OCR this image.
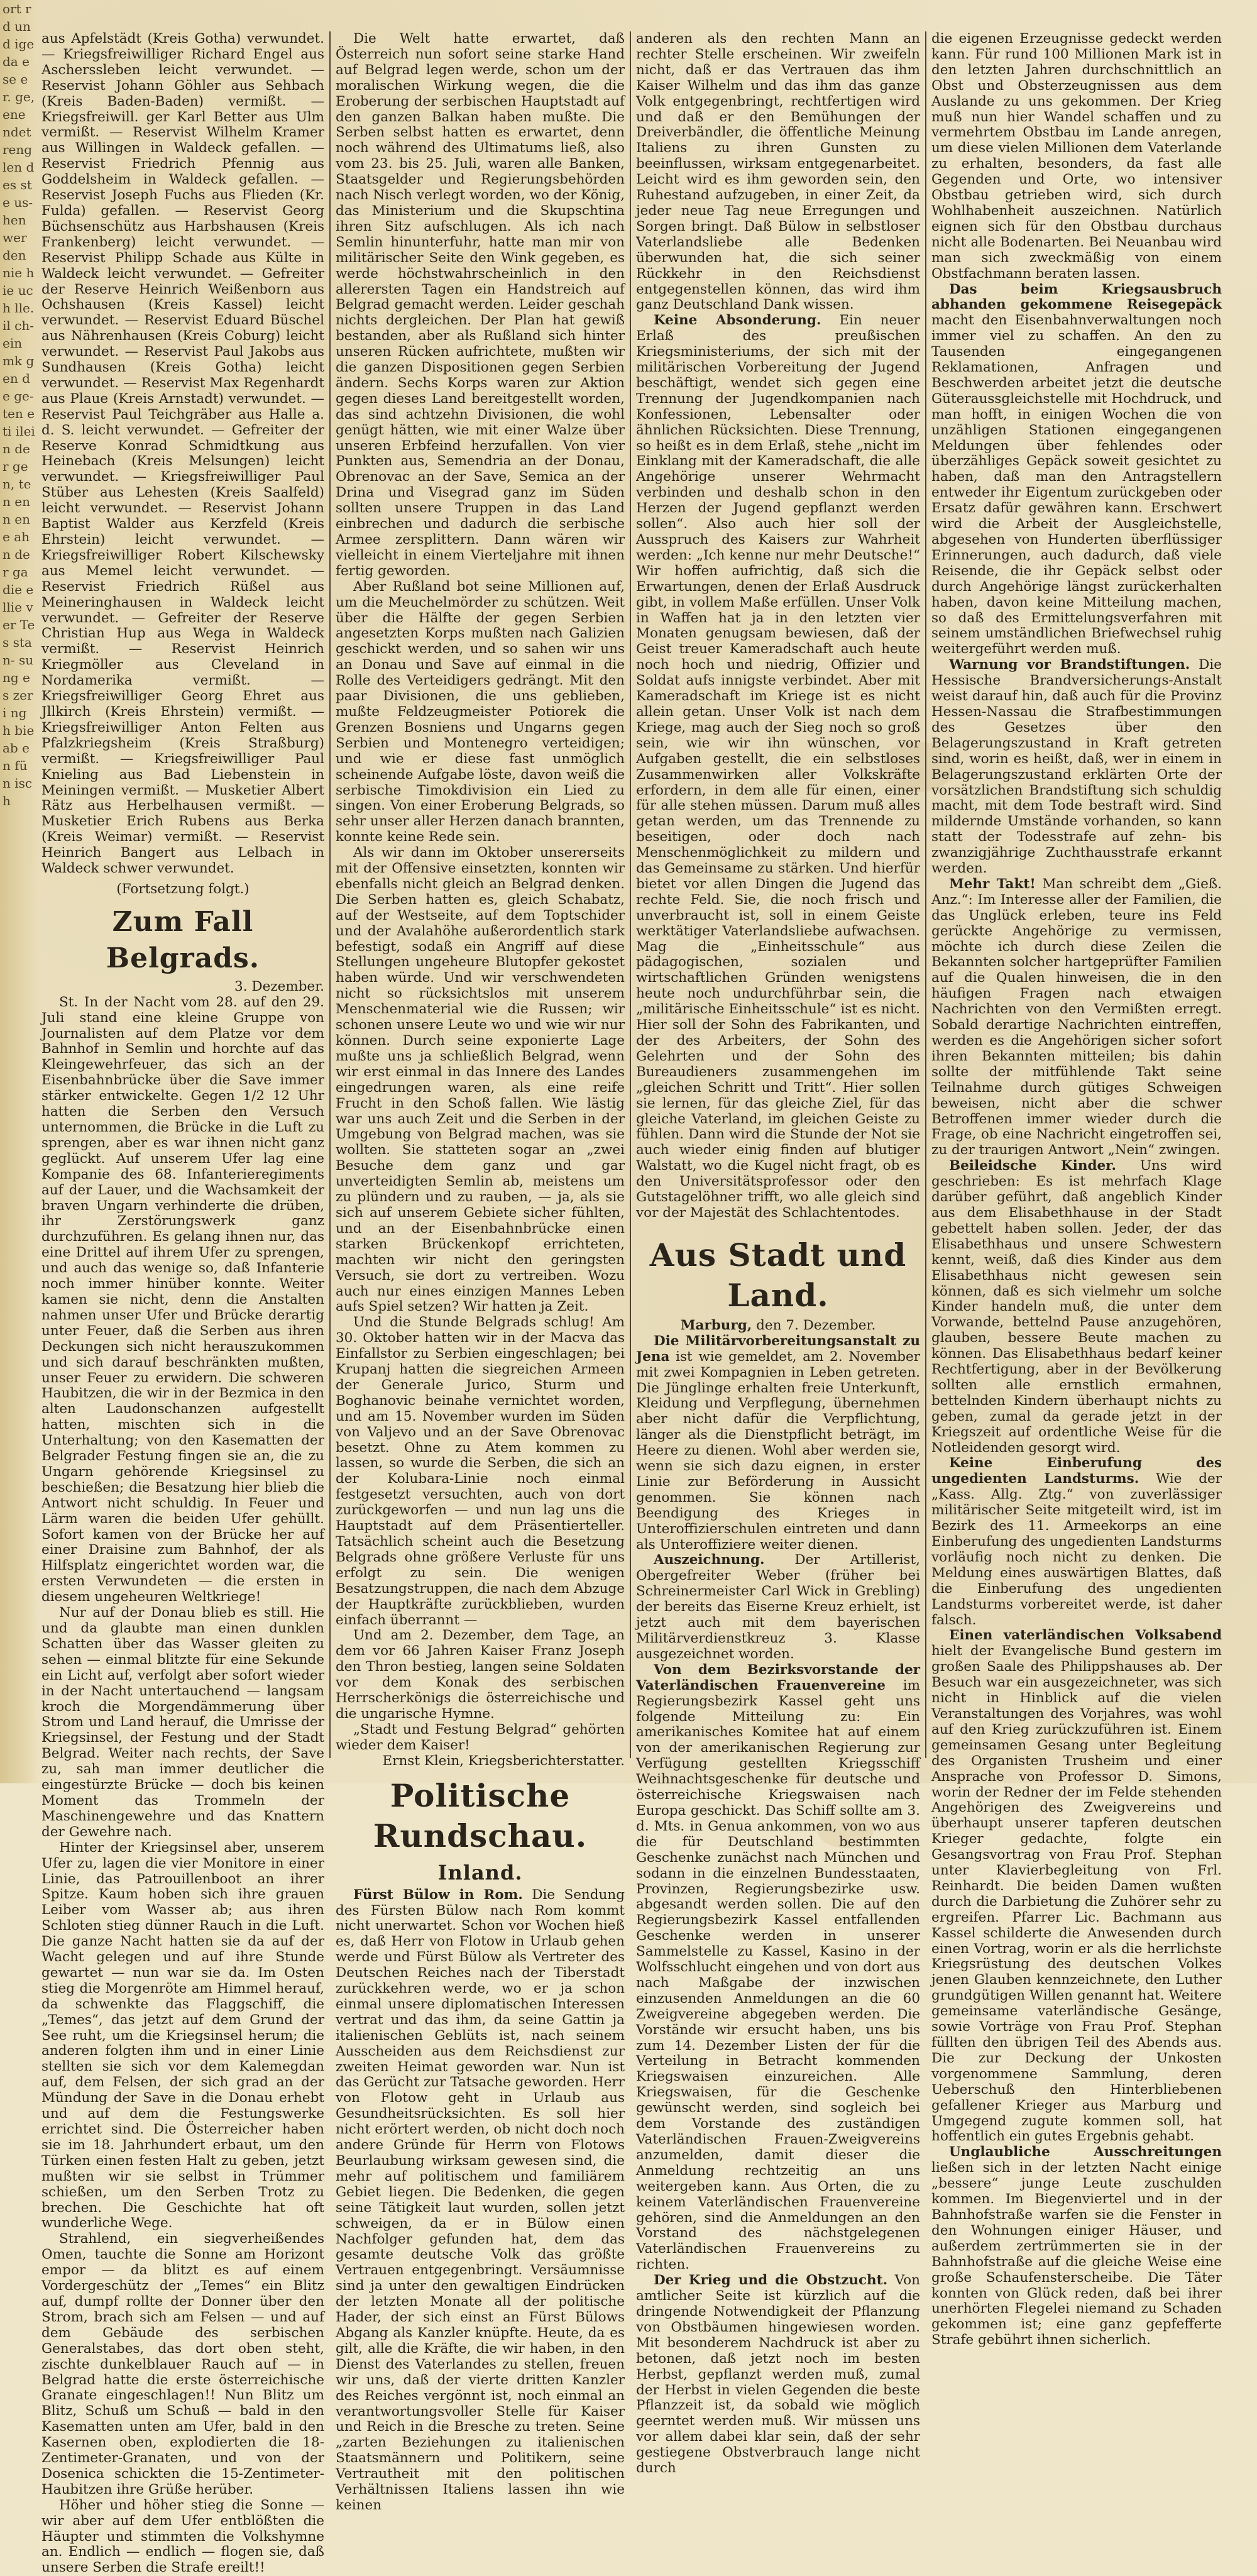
ort rd und ige da ese er. ge, ene ndet reng len des ste us- hen wer den nie hie uch lle. il ch- ein mk gen de ge- ten e ti ilein der gen, ten enn ene ahn der ga die ellie ver Tes stan- sung es zeri ng h bie ab en fün isch

aus Apfelstädt (Kreis Gotha) verwundet. — Kriegsfreiwilliger Richard Engel aus Ascherssleben leicht verwundet. — Reservist Johann Göhler aus Sehbach (Kreis Baden-Baden) vermißt. — Kriegsfreiwill. ger Karl Better aus Ulm vermißt. — Reservist Wilhelm Kramer aus Willingen in Waldeck gefallen. — Reservist Friedrich Pfennig aus Goddelsheim in Waldeck gefallen. — Reservist Joseph Fuchs aus Flieden (Kr. Fulda) gefallen. — Reservist Georg Büchsenschütz aus Harbshausen (Kreis Frankenberg) leicht verwundet. — Reservist Philipp Schade aus Külte in Waldeck leicht verwundet. — Gefreiter der Reserve Heinrich Weißenborn aus Ochshausen (Kreis Kassel) leicht verwundet. — Reservist Eduard Büschel aus Nährenhausen (Kreis Coburg) leicht verwundet. — Reservist Paul Jakobs aus Sundhausen (Kreis Gotha) leicht verwundet. — Reservist Max Regenhardt aus Plaue (Kreis Arnstadt) verwundet. — Reservist Paul Teichgräber aus Halle a. d. S. leicht verwundet. — Gefreiter der Reserve Konrad Schmidtkung aus Heinebach (Kreis Melsungen) leicht verwundet. — Kriegsfreiwilliger Paul Stüber aus Lehesten (Kreis Saalfeld) leicht verwundet. — Reservist Johann Baptist Walder aus Kerzfeld (Kreis Ehrstein) leicht verwundet. — Kriegsfreiwilliger Robert Kilschewsky aus Memel leicht verwundet. — Reservist Friedrich Rüßel aus Meineringhausen in Waldeck leicht verwundet. — Gefreiter der Reserve Christian Hup aus Wega in Waldeck vermißt. — Reservist Heinrich Kriegmöller aus Cleveland in Nordamerika vermißt. — Kriegsfreiwilliger Georg Ehret aus Jllkirch (Kreis Ehrstein) vermißt. — Kriegsfreiwilliger Anton Felten aus Pfalzkriegsheim (Kreis Straßburg) vermißt. — Kriegsfreiwilliger Paul Knieling aus Bad Liebenstein in Meiningen vermißt. — Musketier Albert Rätz aus Herbelhausen vermißt. — Musketier Erich Rubens aus Berka (Kreis Weimar) vermißt. — Reservist Heinrich Bangert aus Lelbach in Waldeck schwer verwundet.

(Fortsetzung folgt.)

Zum Fall Belgrads.

3. Dezember.

St. In der Nacht vom 28. auf den 29. Juli stand eine kleine Gruppe von Journalisten auf dem Platze vor dem Bahnhof in Semlin und horchte auf das Kleingewehrfeuer, das sich an der Eisenbahnbrücke über die Save immer stärker entwickelte. Gegen 1/2 12 Uhr hatten die Serben den Versuch unternommen, die Brücke in die Luft zu sprengen, aber es war ihnen nicht ganz geglückt. Auf unserem Ufer lag eine Kompanie des 68. Infanterieregiments auf der Lauer, und die Wachsamkeit der braven Ungarn verhinderte die drüben, ihr Zerstörungswerk ganz durchzuführen. Es gelang ihnen nur, das eine Drittel auf ihrem Ufer zu sprengen, und auch das wenige so, daß Infanterie noch immer hinüber konnte. Weiter kamen sie nicht, denn die Anstalten nahmen unser Ufer und Brücke derartig unter Feuer, daß die Serben aus ihren Deckungen sich nicht herauszukommen und sich darauf beschränkten mußten, unser Feuer zu erwidern. Die schweren Haubitzen, die wir in der Bezmica in den alten Laudonschanzen aufgestellt hatten, mischten sich in die Unterhaltung; von den Kasematten der Belgrader Festung fingen sie an, die zu Ungarn gehörende Kriegsinsel zu beschießen; die Besatzung hier blieb die Antwort nicht schuldig. In Feuer und Lärm waren die beiden Ufer gehüllt. Sofort kamen von der Brücke her auf einer Draisine zum Bahnhof, der als Hilfsplatz eingerichtet worden war, die ersten Verwundeten — die ersten in diesem ungeheuren Weltkriege!

Nur auf der Donau blieb es still. Hie und da glaubte man einen dunklen Schatten über das Wasser gleiten zu sehen — einmal blitzte für eine Sekunde ein Licht auf, verfolgt aber sofort wieder in der Nacht untertauchend — langsam kroch die Morgendämmerung über Strom und Land herauf, die Umrisse der Kriegsinsel, der Festung und der Stadt Belgrad. Weiter nach rechts, der Save zu, sah man immer deutlicher die eingestürzte Brücke — doch bis keinen Moment das Trommeln der Maschinengewehre und das Knattern der Gewehre nach.

Hinter der Kriegsinsel aber, unserem Ufer zu, lagen die vier Monitore in einer Linie, das Patrouillenboot an ihrer Spitze. Kaum hoben sich ihre grauen Leiber vom Wasser ab; aus ihren Schloten stieg dünner Rauch in die Luft. Die ganze Nacht hatten sie da auf der Wacht gelegen und auf ihre Stunde gewartet — nun war sie da. Im Osten stieg die Morgenröte am Himmel herauf, da schwenkte das Flaggschiff, die „Temes“, das jetzt auf dem Grund der See ruht, um die Kriegsinsel herum; die anderen folgten ihm und in einer Linie stellten sie sich vor dem Kalemegdan auf, dem Felsen, der sich grad an der Mündung der Save in die Donau erhebt und auf dem die Festungswerke errichtet sind. Die Österreicher haben sie im 18. Jahrhundert erbaut, um den Türken einen festen Halt zu geben, jetzt mußten wir sie selbst in Trümmer schießen, um den Serben Trotz zu brechen. Die Geschichte hat oft wunderliche Wege.

Strahlend, ein siegverheißendes Omen, tauchte die Sonne am Horizont empor — da blitzt es auf einem Vordergeschütz der „Temes“ ein Blitz auf, dumpf rollte der Donner über den Strom, brach sich am Felsen — und auf dem Gebäude des serbischen Generalstabes, das dort oben steht, zischte dunkelblauer Rauch auf — in Belgrad hatte die erste österreichische Granate eingeschlagen!! Nun Blitz um Blitz, Schuß um Schuß — bald in den Kasematten unten am Ufer, bald in den Kasernen oben, explodierten die 18-Zentimeter-Granaten, und von der Dosenica schickten die 15-Zentimeter-Haubitzen ihre Grüße herüber.

Höher und höher stieg die Sonne — wir aber auf dem Ufer entblößten die Häupter und stimmten die Volkshymne an. Endlich — endlich — flogen sie, daß unsere Serben die Strafe ereilt!!

Die Welt hatte erwartet, daß Österreich nun sofort seine starke Hand auf Belgrad legen werde, schon um der moralischen Wirkung wegen, die die Eroberung der serbischen Hauptstadt auf den ganzen Balkan haben mußte. Die Serben selbst hatten es erwartet, denn noch während des Ultimatums ließ, also vom 23. bis 25. Juli, waren alle Banken, Staatsgelder und Regierungsbehörden nach Nisch verlegt worden, wo der König, das Ministerium und die Skupschtina ihren Sitz aufschlugen. Als ich nach Semlin hinunterfuhr, hatte man mir von militärischer Seite den Wink gegeben, es werde höchstwahrscheinlich in den allerersten Tagen ein Handstreich auf Belgrad gemacht werden. Leider geschah nichts dergleichen. Der Plan hat gewiß bestanden, aber als Rußland sich hinter unseren Rücken aufrichtete, mußten wir die ganzen Dispositionen gegen Serbien ändern. Sechs Korps waren zur Aktion gegen dieses Land bereitgestellt worden, das sind achtzehn Divisionen, die wohl genügt hätten, wie mit einer Walze über unseren Erbfeind herzufallen. Von vier Punkten aus, Semendria an der Donau, Obrenovac an der Save, Semica an der Drina und Visegrad ganz im Süden sollten unsere Truppen in das Land einbrechen und dadurch die serbische Armee zersplittern. Dann wären wir vielleicht in einem Vierteljahre mit ihnen fertig geworden.

Aber Rußland bot seine Millionen auf, um die Meuchelmörder zu schützen. Weit über die Hälfte der gegen Serbien angesetzten Korps mußten nach Galizien geschickt werden, und so sahen wir uns an Donau und Save auf einmal in die Rolle des Verteidigers gedrängt. Mit den paar Divisionen, die uns geblieben, mußte Feldzeugmeister Potiorek die Grenzen Bosniens und Ungarns gegen Serbien und Montenegro verteidigen; und wie er diese fast unmöglich scheinende Aufgabe löste, davon weiß die serbische Timokdivision ein Lied zu singen. Von einer Eroberung Belgrads, so sehr unser aller Herzen danach brannten, konnte keine Rede sein.

Als wir dann im Oktober unsererseits mit der Offensive einsetzten, konnten wir ebenfalls nicht gleich an Belgrad denken. Die Serben hatten es, gleich Schabatz, auf der Westseite, auf dem Toptschider und der Avalahöhe außerordentlich stark befestigt, sodaß ein Angriff auf diese Stellungen ungeheure Blutopfer gekostet haben würde. Und wir verschwendeten nicht so rücksichtslos mit unserem Menschenmaterial wie die Russen; wir schonen unsere Leute wo und wie wir nur können. Durch seine exponierte Lage mußte uns ja schließlich Belgrad, wenn wir erst einmal in das Innere des Landes eingedrungen waren, als eine reife Frucht in den Schoß fallen. Wie lästig war uns auch Zeit und die Serben in der Umgebung von Belgrad machen, was sie wollten. Sie statteten sogar an „zwei Besuche dem ganz und gar unverteidigten Semlin ab, meistens um zu plündern und zu rauben, — ja, als sie sich auf unserem Gebiete sicher fühlten, und an der Eisenbahnbrücke einen starken Brückenkopf errichteten, machten wir nicht den geringsten Versuch, sie dort zu vertreiben. Wozu auch nur eines einzigen Mannes Leben aufs Spiel setzen? Wir hatten ja Zeit.

Und die Stunde Belgrads schlug! Am 30. Oktober hatten wir in der Macva das Einfallstor zu Serbien eingeschlagen; bei Krupanj hatten die siegreichen Armeen der Generale Jurico, Sturm und Boghanovic beinahe vernichtet worden, und am 15. November wurden im Süden von Valjevo und an der Save Obrenovac besetzt. Ohne zu Atem kommen zu lassen, so wurde die Serben, die sich an der Kolubara-Linie noch einmal festgesetzt versuchten, auch von dort zurückgeworfen — und nun lag uns die Hauptstadt auf dem Präsentierteller. Tatsächlich scheint auch die Besetzung Belgrads ohne größere Verluste für uns erfolgt zu sein. Die wenigen Besatzungstruppen, die nach dem Abzuge der Hauptkräfte zurückblieben, wurden einfach überrannt —

Und am 2. Dezember, dem Tage, an dem vor 66 Jahren Kaiser Franz Joseph den Thron bestieg, langen seine Soldaten vor dem Konak des serbischen Herrscherkönigs die österreichische und die ungarische Hymne.

„Stadt und Festung Belgrad“ gehörten wieder dem Kaiser!

Ernst Klein, Kriegsberichterstatter.

Politische Rundschau.
Inland.

Fürst Bülow in Rom. Die Sendung des Fürsten Bülow nach Rom kommt nicht unerwartet. Schon vor Wochen hieß es, daß Herr von Flotow in Urlaub gehen werde und Fürst Bülow als Vertreter des Deutschen Reiches nach der Tiberstadt zurückkehren werde, wo er ja schon einmal unsere diplomatischen Interessen vertrat und das ihm, da seine Gattin ja italienischen Geblüts ist, nach seinem Ausscheiden aus dem Reichsdienst zur zweiten Heimat geworden war. Nun ist das Gerücht zur Tatsache geworden. Herr von Flotow geht in Urlaub aus Gesundheitsrücksichten. Es soll hier nicht erörtert werden, ob nicht doch noch andere Gründe für Herrn von Flotows Beurlaubung wirksam gewesen sind, die mehr auf politischem und familiärem Gebiet liegen. Die Bedenken, die gegen seine Tätigkeit laut wurden, sollen jetzt schweigen, da er in Bülow einen Nachfolger gefunden hat, dem das gesamte deutsche Volk das größte Vertrauen entgegenbringt. Versäumnisse sind ja unter den gewaltigen Eindrücken der letzten Monate all der politische Hader, der sich einst an Fürst Bülows Abgang als Kanzler knüpfte. Heute, da es gilt, alle die Kräfte, die wir haben, in den Dienst des Vaterlandes zu stellen, freuen wir uns, daß der vierte dritten Kanzler des Reiches vergönnt ist, noch einmal an verantwortungsvoller Stelle für Kaiser und Reich in die Bresche zu treten. Seine „zarten Beziehungen zu italienischen Staatsmännern und Politikern, seine Vertrautheit mit den politischen Verhältnissen Italiens lassen ihn wie keinen

anderen als den rechten Mann an rechter Stelle erscheinen. Wir zweifeln nicht, daß er das Vertrauen das ihm Kaiser Wilhelm und das ihm das ganze Volk entgegenbringt, rechtfertigen wird und daß er den Bemühungen der Dreiverbändler, die öffentliche Meinung Italiens zu ihren Gunsten zu beeinflussen, wirksam entgegenarbeitet. Leicht wird es ihm geworden sein, den Ruhestand aufzugeben, in einer Zeit, da jeder neue Tag neue Erregungen und Sorgen bringt. Daß Bülow in selbstloser Vaterlandsliebe alle Bedenken überwunden hat, die sich seiner Rückkehr in den Reichsdienst entgegenstellen können, das wird ihm ganz Deutschland Dank wissen.

Keine Absonderung. Ein neuer Erlaß des preußischen Kriegsministeriums, der sich mit der militärischen Vorbereitung der Jugend beschäftigt, wendet sich gegen eine Trennung der Jugendkompanien nach Konfessionen, Lebensalter oder ähnlichen Rücksichten. Diese Trennung, so heißt es in dem Erlaß, stehe „nicht im Einklang mit der Kameradschaft, die alle Angehörige unserer Wehrmacht verbinden und deshalb schon in den Herzen der Jugend gepflanzt werden sollen“. Also auch hier soll der Ausspruch des Kaisers zur Wahrheit werden: „Ich kenne nur mehr Deutsche!“ Wir hoffen aufrichtig, daß sich die Erwartungen, denen der Erlaß Ausdruck gibt, in vollem Maße erfüllen. Unser Volk in Waffen hat ja in den letzten vier Monaten genugsam bewiesen, daß der Geist treuer Kameradschaft auch heute noch hoch und niedrig, Offizier und Soldat aufs innigste verbindet. Aber mit Kameradschaft im Kriege ist es nicht allein getan. Unser Volk ist nach dem Kriege, mag auch der Sieg noch so groß sein, wie wir ihn wünschen, vor Aufgaben gestellt, die ein selbstloses Zusammenwirken aller Volkskräfte erfordern, in dem alle für einen, einer für alle stehen müssen. Darum muß alles getan werden, um das Trennende zu beseitigen, oder doch nach Menschenmöglichkeit zu mildern und das Gemeinsame zu stärken. Und hierfür bietet vor allen Dingen die Jugend das rechte Feld. Sie, die noch frisch und unverbraucht ist, soll in einem Geiste werktätiger Vaterlandsliebe aufwachsen. Mag die „Einheitsschule“ aus pädagogischen, sozialen und wirtschaftlichen Gründen wenigstens heute noch undurchführbar sein, die „militärische Einheitsschule“ ist es nicht. Hier soll der Sohn des Fabrikanten, und der des Arbeiters, der Sohn des Gelehrten und der Sohn des Bureaudieners zusammengehen im „gleichen Schritt und Tritt“. Hier sollen sie lernen, für das gleiche Ziel, für das gleiche Vaterland, im gleichen Geiste zu fühlen. Dann wird die Stunde der Not sie auch wieder einig finden auf blutiger Walstatt, wo die Kugel nicht fragt, ob es den Universitätsprofessor oder den Gutstagelöhner trifft, wo alle gleich sind vor der Majestät des Schlachtentodes.

Aus Stadt und Land.

Marburg, den 7. Dezember.

Die Militärvorbereitungsanstalt zu Jena ist wie gemeldet, am 2. November mit zwei Kompagnien in Leben getreten. Die Jünglinge erhalten freie Unterkunft, Kleidung und Verpflegung, übernehmen aber nicht dafür die Verpflichtung, länger als die Dienstpflicht beträgt, im Heere zu dienen. Wohl aber werden sie, wenn sie sich dazu eignen, in erster Linie zur Beförderung in Aussicht genommen. Sie können nach Beendigung des Krieges in Unteroffizierschulen eintreten und dann als Unteroffiziere weiter dienen.

Auszeichnung. Der Artillerist, Obergefreiter Weber (früher bei Schreinermeister Carl Wick in Grebling) der bereits das Eiserne Kreuz erhielt, ist jetzt auch mit dem bayerischen Militärverdienstkreuz 3. Klasse ausgezeichnet worden.

Von dem Bezirksvorstande der Vaterländischen Frauenvereine im Regierungsbezirk Kassel geht uns folgende Mitteilung zu: Ein amerikanisches Komitee hat auf einem von der amerikanischen Regierung zur Verfügung gestellten Kriegsschiff Weihnachtsgeschenke für deutsche und österreichische Kriegswaisen nach Europa geschickt. Das Schiff sollte am 3. d. Mts. in Genua ankommen, von wo aus die für Deutschland bestimmten Geschenke zunächst nach München und sodann in die einzelnen Bundesstaaten, Provinzen, Regierungsbezirke usw. abgesandt werden sollen. Die auf den Regierungsbezirk Kassel entfallenden Geschenke werden in unserer Sammelstelle zu Kassel, Kasino in der Wolfsschlucht eingehen und von dort aus nach Maßgabe der inzwischen einzusenden Anmeldungen an die 60 Zweigvereine abgegeben werden. Die Vorstände wir ersucht haben, uns bis zum 14. Dezember Listen der für die Verteilung in Betracht kommenden Kriegswaisen einzureichen. Alle Kriegswaisen, für die Geschenke gewünscht werden, sind sogleich bei dem Vorstande des zuständigen Vaterländischen Frauen-Zweigvereins anzumelden, damit dieser die Anmeldung rechtzeitig an uns weitergeben kann. Aus Orten, die zu keinem Vaterländischen Frauenvereine gehören, sind die Anmeldungen an den Vorstand des nächstgelegenen Vaterländischen Frauenvereins zu richten.

Der Krieg und die Obstzucht. Von amtlicher Seite ist kürzlich auf die dringende Notwendigkeit der Pflanzung von Obstbäumen hingewiesen worden. Mit besonderem Nachdruck ist aber zu betonen, daß jetzt noch im besten Herbst, gepflanzt werden muß, zumal der Herbst in vielen Gegenden die beste Pflanzzeit ist, da sobald wie möglich geerntet werden muß. Wir müssen uns vor allem dabei klar sein, daß der sehr gestiegene Obstverbrauch lange nicht durch

die eigenen Erzeugnisse gedeckt werden kann. Für rund 100 Millionen Mark ist in den letzten Jahren durchschnittlich an Obst und Obsterzeugnissen aus dem Auslande zu uns gekommen. Der Krieg muß nun hier Wandel schaffen und zu vermehrtem Obstbau im Lande anregen, um diese vielen Millionen dem Vaterlande zu erhalten, besonders, da fast alle Gegenden und Orte, wo intensiver Obstbau getrieben wird, sich durch Wohlhabenheit auszeichnen. Natürlich eignen sich für den Obstbau durchaus nicht alle Bodenarten. Bei Neuanbau wird man sich zweckmäßig von einem Obstfachmann beraten lassen.

Das beim Kriegsausbruch abhanden gekommene Reisegepäck macht den Eisenbahnverwaltungen noch immer viel zu schaffen. An den zu Tausenden eingegangenen Reklamationen, Anfragen und Beschwerden arbeitet jetzt die deutsche Güteraussgleichstelle mit Hochdruck, und man hofft, in einigen Wochen die von unzähligen Stationen eingegangenen Meldungen über fehlendes oder überzähliges Gepäck soweit gesichtet zu haben, daß man den Antragstellern entweder ihr Eigentum zurückgeben oder Ersatz dafür gewähren kann. Erschwert wird die Arbeit der Ausgleichstelle, abgesehen von Hunderten überflüssiger Erinnerungen, auch dadurch, daß viele Reisende, die ihr Gepäck selbst oder durch Angehörige längst zurückerhalten haben, davon keine Mitteilung machen, so daß des Ermittelungsverfahren mit seinem umständlichen Briefwechsel ruhig weitergeführt werden muß.

Warnung vor Brandstiftungen. Die Hessische Brandversicherungs-Anstalt weist darauf hin, daß auch für die Provinz Hessen-Nassau die Strafbestimmungen des Gesetzes über den Belagerungszustand in Kraft getreten sind, worin es heißt, daß, wer in einem in Belagerungszustand erklärten Orte der vorsätzlichen Brandstiftung sich schuldig macht, mit dem Tode bestraft wird. Sind mildernde Umstände vorhanden, so kann statt der Todesstrafe auf zehn- bis zwanzigjährige Zuchthausstrafe erkannt werden.

Mehr Takt! Man schreibt dem „Gieß. Anz.“: Im Interesse aller der Familien, die das Unglück erleben, teure ins Feld gerückte Angehörige zu vermissen, möchte ich durch diese Zeilen die Bekannten solcher hartgeprüfter Familien auf die Qualen hinweisen, die in den häufigen Fragen nach etwaigen Nachrichten von den Vermißten erregt. Sobald derartige Nachrichten eintreffen, werden es die Angehörigen sicher sofort ihren Bekannten mitteilen; bis dahin sollte der mitfühlende Takt seine Teilnahme durch gütiges Schweigen beweisen, nicht aber die schwer Betroffenen immer wieder durch die Frage, ob eine Nachricht eingetroffen sei, zu der traurigen Antwort „Nein“ zwingen.

Beileidsche Kinder. Uns wird geschrieben: Es ist mehrfach Klage darüber geführt, daß angeblich Kinder aus dem Elisabethhause in der Stadt gebettelt haben sollen. Jeder, der das Elisabethhaus und unsere Schwestern kennt, weiß, daß dies Kinder aus dem Elisabethhaus nicht gewesen sein können, daß es sich vielmehr um solche Kinder handeln muß, die unter dem Vorwande, bettelnd Pause anzugehören, glauben, bessere Beute machen zu können. Das Elisabethhaus bedarf keiner Rechtfertigung, aber in der Bevölkerung sollten alle ernstlich ermahnen, bettelnden Kindern überhaupt nichts zu geben, zumal da gerade jetzt in der Kriegszeit auf ordentliche Weise für die Notleidenden gesorgt wird.

Keine Einberufung des ungedienten Landsturms. Wie der „Kass. Allg. Ztg.“ von zuverlässiger militärischer Seite mitgeteilt wird, ist im Bezirk des 11. Armeekorps an eine Einberufung des ungedienten Landsturms vorläufig noch nicht zu denken. Die Meldung eines auswärtigen Blattes, daß die Einberufung des ungedienten Landsturms vorbereitet werde, ist daher falsch.

Einen vaterländischen Volksabend hielt der Evangelische Bund gestern im großen Saale des Philippshauses ab. Der Besuch war ein ausgezeichneter, was sich nicht in Hinblick auf die vielen Veranstaltungen des Vorjahres, was wohl auf den Krieg zurückzuführen ist. Einem gemeinsamen Gesang unter Begleitung des Organisten Trusheim und einer Ansprache von Professor D. Simons, worin der Redner der im Felde stehenden Angehörigen des Zweigvereins und überhaupt unserer tapferen deutschen Krieger gedachte, folgte ein Gesangsvortrag von Frau Prof. Stephan unter Klavierbegleitung von Frl. Reinhardt. Die beiden Damen wußten durch die Darbietung die Zuhörer sehr zu ergreifen. Pfarrer Lic. Bachmann aus Kassel schilderte die Anwesenden durch einen Vortrag, worin er als die herrlichste Kriegsrüstung des deutschen Volkes jenen Glauben kennzeichnete, den Luther grundgütigen Willen genannt hat. Weitere gemeinsame vaterländische Gesänge, sowie Vorträge von Frau Prof. Stephan füllten den übrigen Teil des Abends aus. Die zur Deckung der Unkosten vorgenommene Sammlung, deren Ueberschuß den Hinterbliebenen gefallener Krieger aus Marburg und Umgegend zugute kommen soll, hat hoffentlich ein gutes Ergebnis gehabt.

Unglaubliche Ausschreitungen ließen sich in der letzten Nacht einige „bessere“ junge Leute zuschulden kommen. Im Biegenviertel und in der Bahnhofstraße warfen sie die Fenster in den Wohnungen einiger Häuser, und außerdem zertrümmerten sie in der Bahnhofstraße auf die gleiche Weise eine große Schaufensterscheibe. Die Täter konnten von Glück reden, daß bei ihrer unerhörten Flegelei niemand zu Schaden gekommen ist; eine ganz gepfefferte Strafe gebührt ihnen sicherlich.
